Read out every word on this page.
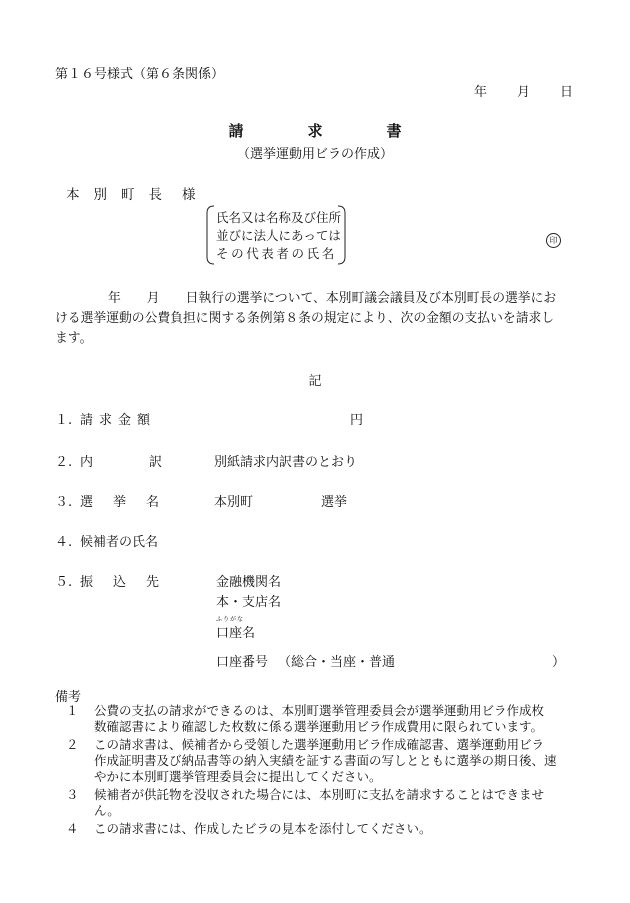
第１６号様式（第６条関係）
年 月 日
請	求	書
（選挙運動用ビラの作成）
本別町長 様
氏名又は名称及び住所
並びに法人にあっては
その代表者の氏名
印
年 月 日執行の選挙について、本別町議会議員及び本別町長の選挙にお
ける選挙運動の公費負担に関する条例第８条の規定により、次の金額の支払いを請求し
ます。
記
１. 請求金額	円
２. 内	訳	別紙請求内訳書のとおり
３. 選挙名	本別町	選挙
４. 候補者の氏名
５. 振込先	金融機関名
本・支店名
ふりがな
口座名
口座番号 （総合・当座・普通	）
備考
１ 公費の支払の請求ができるのは、本別町選挙管理委員会が選挙運動用ビラ作成枚
数確認書により確認した枚数に係る選挙運動用ビラ作成費用に限られています。
２ この請求書は、候補者から受領した選挙運動用ビラ作成確認書、選挙運動用ビラ
作成証明書及び納品書等の納入実績を証する書面の写しとともに選挙の期日後、速
やかに本別町選挙管理委員会に提出してください。
３ 候補者が供託物を没収された場合には、本別町に支払を請求することはできませ
ん。
４ この請求書には、作成したビラの見本を添付してください。
